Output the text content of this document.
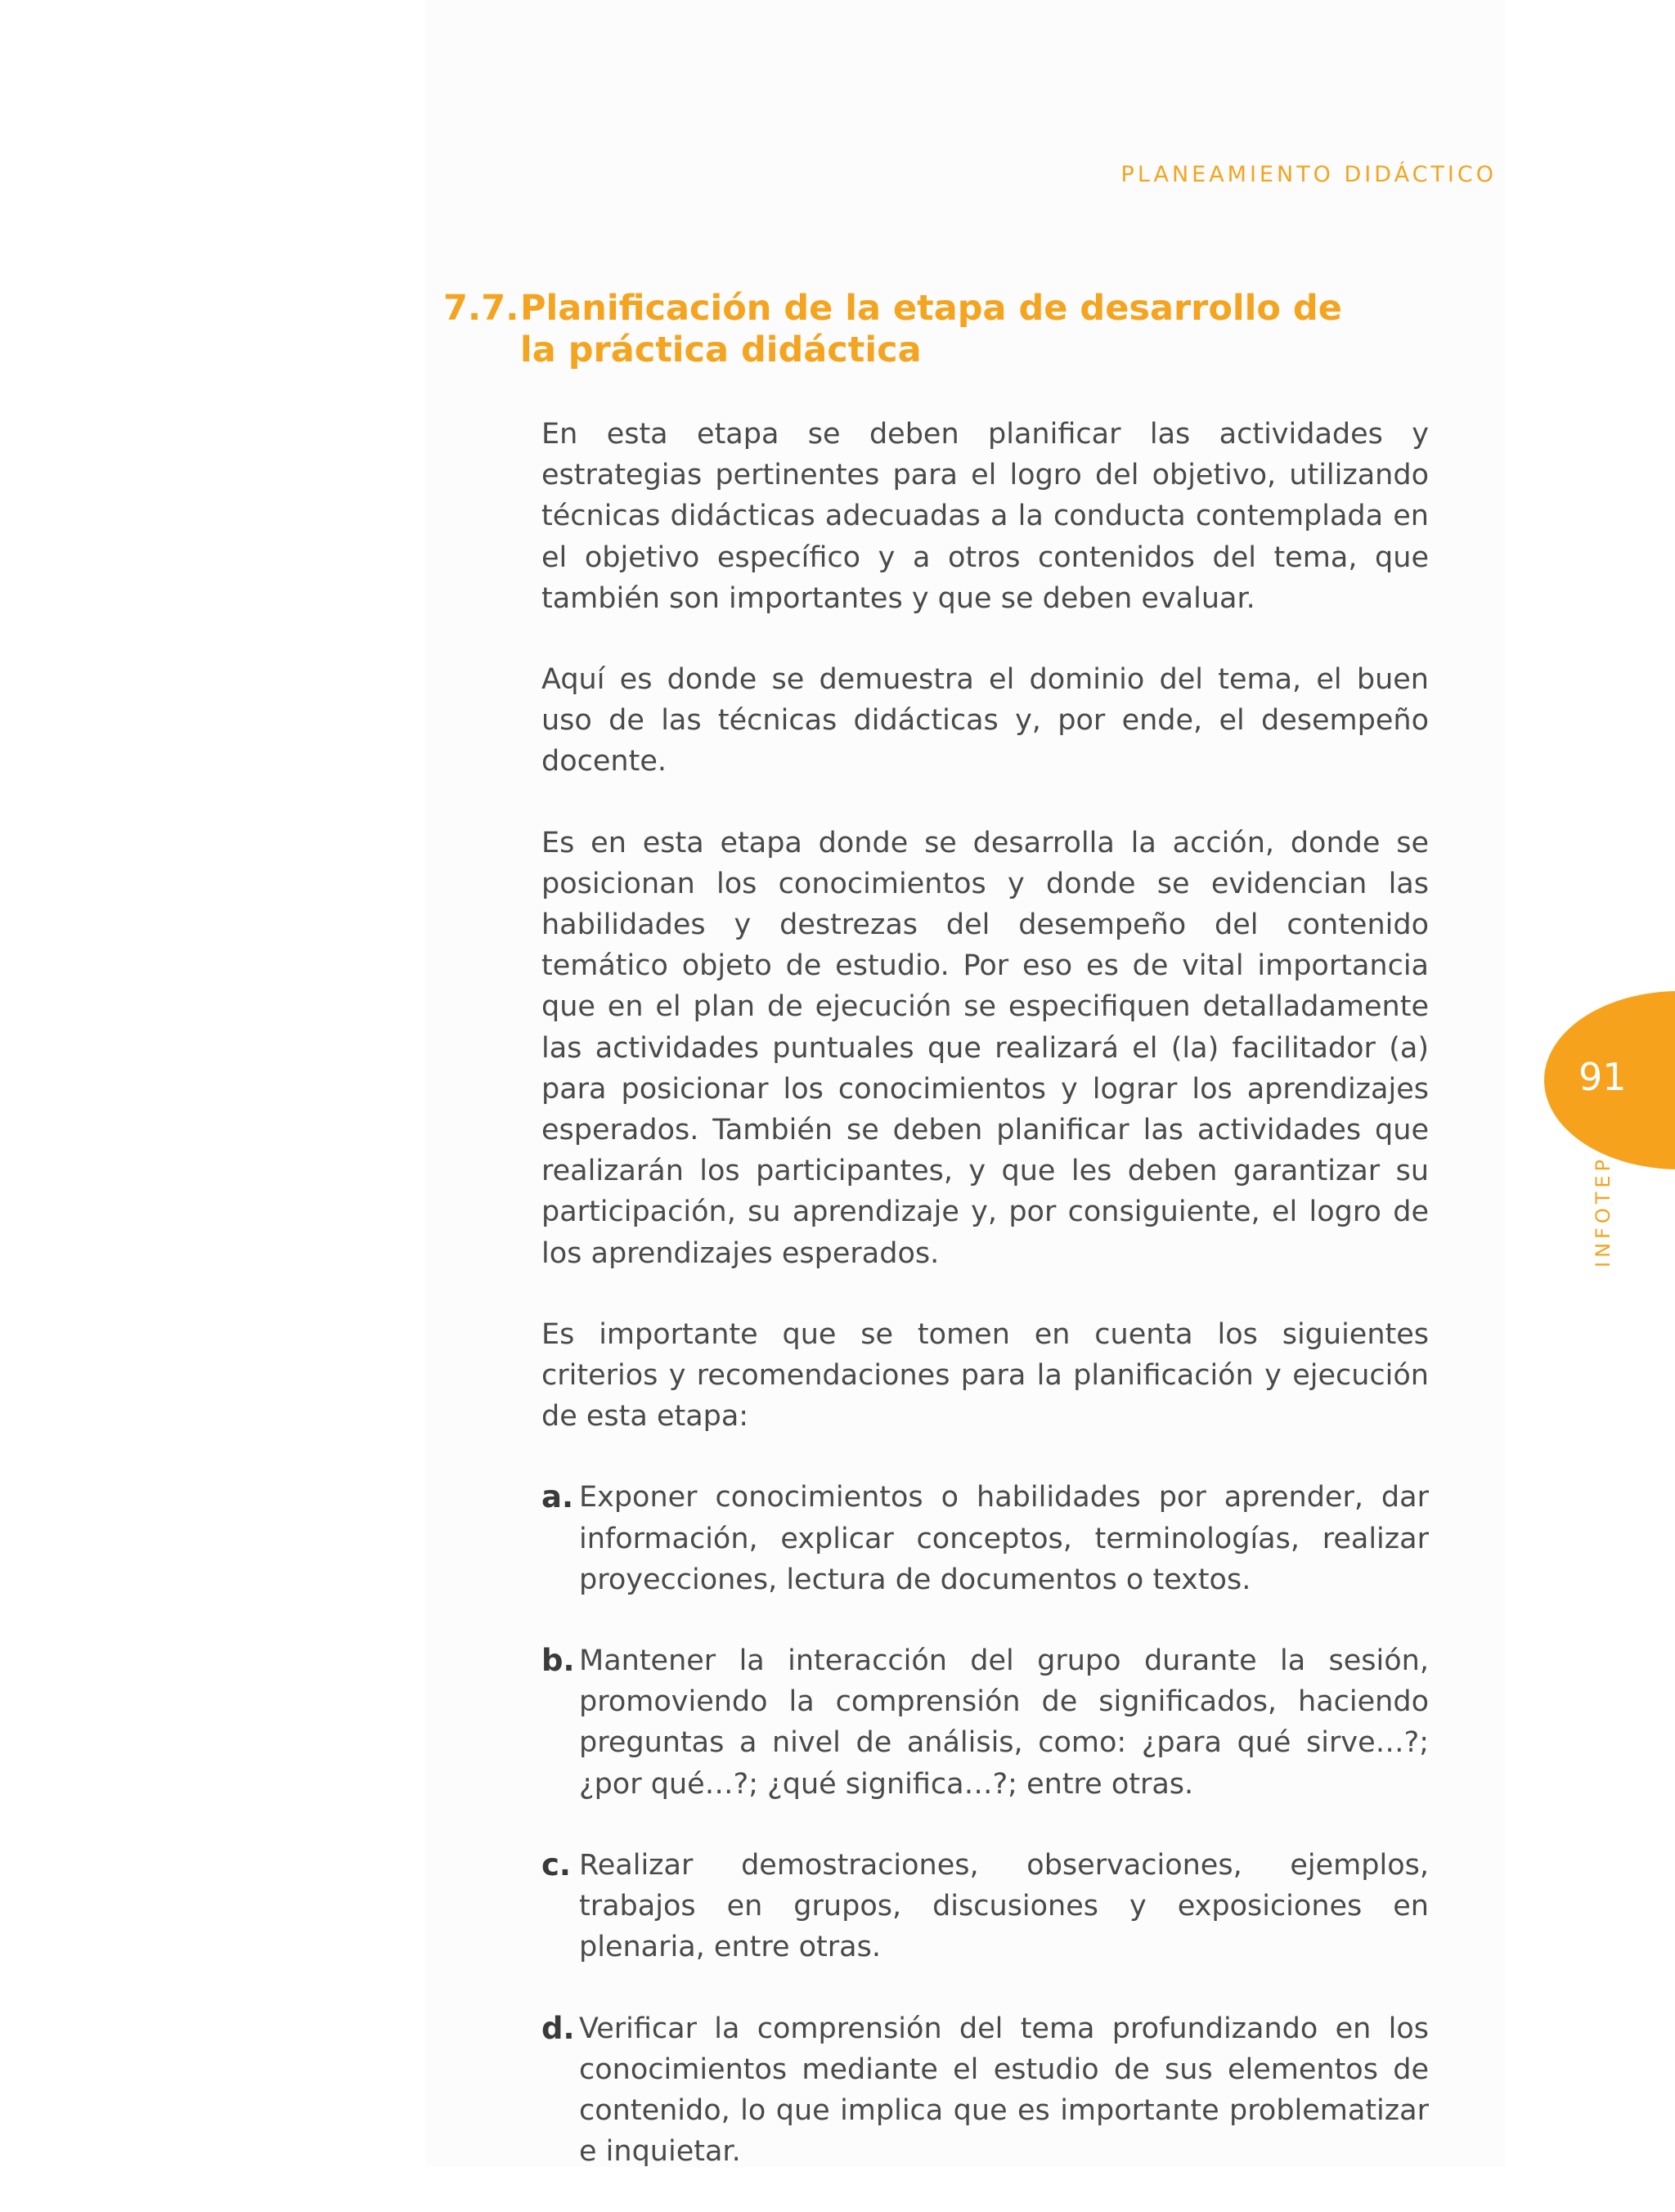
PLANEAMIENTO DIDÁCTICO
7.7. Planificación de la etapa de desarrollo de la práctica didáctica

En esta etapa se deben planificar las actividades y estrategias pertinentes para el logro del objetivo, utilizando técnicas didácticas adecuadas a la conducta contemplada en el objetivo específico y a otros contenidos del tema, que también son importantes y que se deben evaluar.

Aquí es donde se demuestra el dominio del tema, el buen uso de las técnicas didácticas y, por ende, el desempeño docente.

Es en esta etapa donde se desarrolla la acción, donde se posicionan los conocimientos y donde se evidencian las habilidades y destrezas del desempeño del contenido temático objeto de estudio. Por eso es de vital importancia que en el plan de ejecución se especifiquen detalladamente las actividades puntuales que realizará el (la) facilitador (a) para posicionar los conocimientos y lograr los aprendizajes esperados. También se deben planificar las actividades que realizarán los participantes, y que les deben garantizar su participación, su aprendizaje y, por consiguiente, el logro de los aprendizajes esperados.

Es importante que se tomen en cuenta los siguientes criterios y recomendaciones para la planificación y ejecución de esta etapa:

a. Exponer conocimientos o habilidades por aprender, dar información, explicar conceptos, terminologías, realizar proyecciones, lectura de documentos o textos.
b. Mantener la interacción del grupo durante la sesión, promoviendo la comprensión de significados, haciendo preguntas a nivel de análisis, como: ¿para qué sirve…?; ¿por qué…?; ¿qué significa…?; entre otras.
c. Realizar demostraciones, observaciones, ejemplos, trabajos en grupos, discusiones y exposiciones en plenaria, entre otras.
d. Verificar la comprensión del tema profundizando en los conocimientos mediante el estudio de sus elementos de contenido, lo que implica que es importante problematizar e inquietar.
91
INFOTEP
